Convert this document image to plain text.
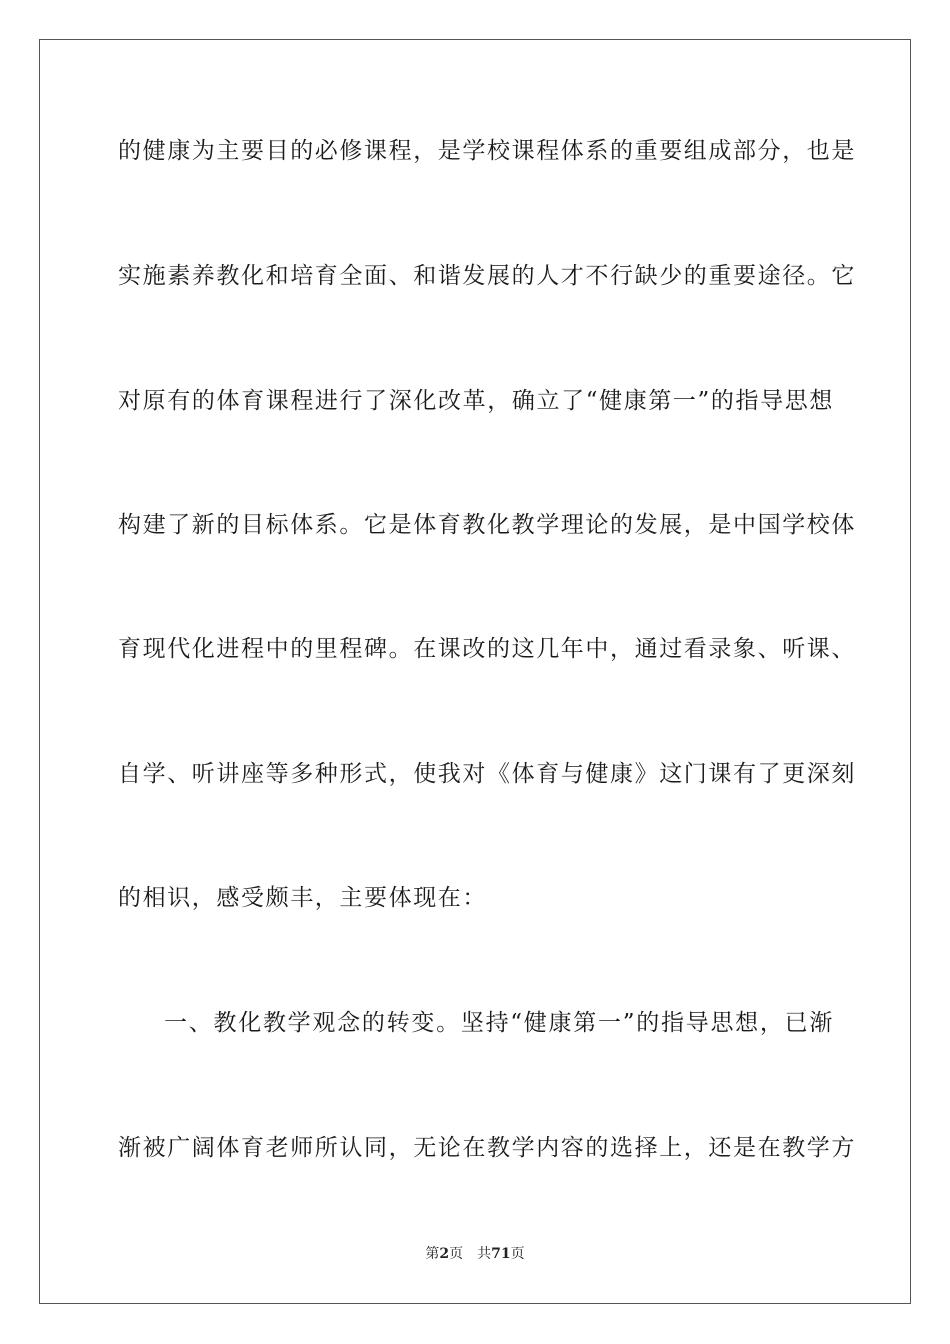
的健康为主要目的必修课程，是学校课程体系的重要组成部分，也是
实施素养教化和培育全面、和谐发展的人才不行缺少的重要途径。它
对原有的体育课程进行了深化改革，确立了“健康第一”的指导思想
构建了新的目标体系。它是体育教化教学理论的发展，是中国学校体
育现代化进程中的里程碑。在课改的这几年中，通过看录象、听课、
自学、听讲座等多种形式，使我对《体育与健康》这门课有了更深刻
的相识，感受颇丰，主要体现在：
一、教化教学观念的转变。坚持“健康第一”的指导思想，已渐
渐被广阔体育老师所认同，无论在教学内容的选择上，还是在教学方
第2页 共71页
